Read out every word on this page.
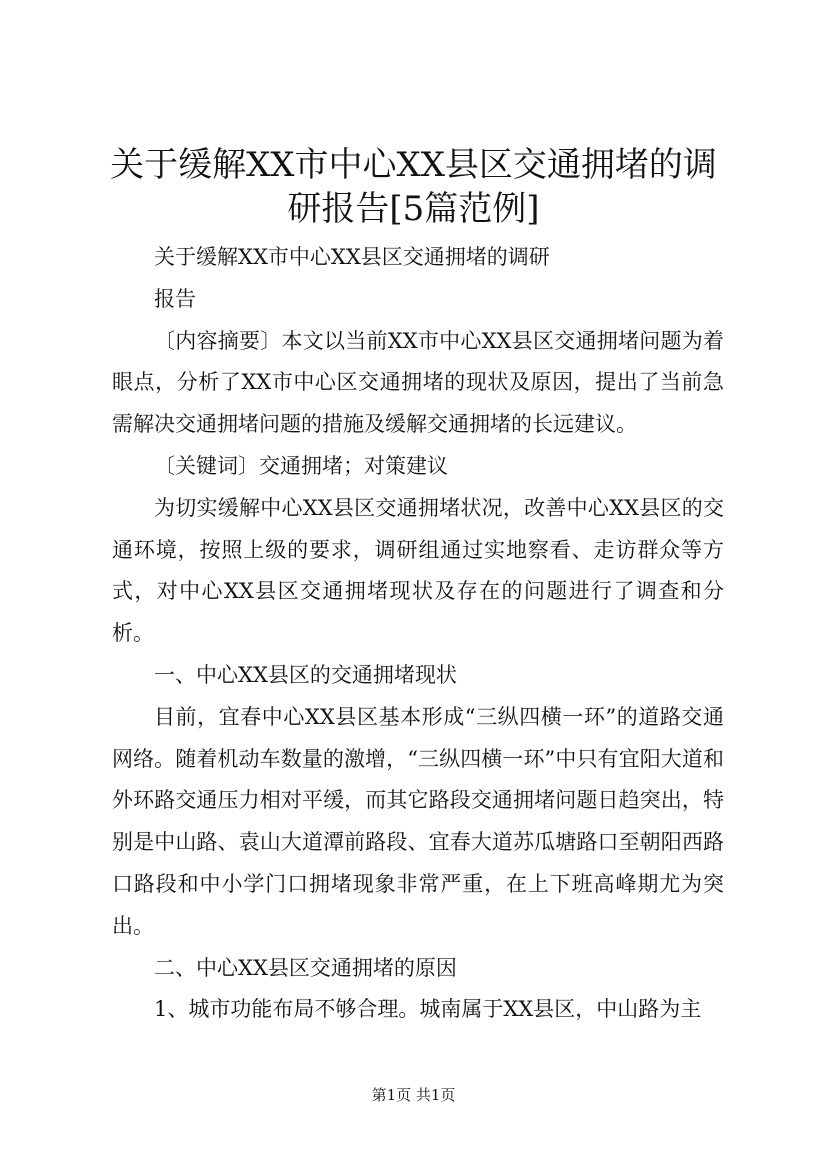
关于缓解XX市中心XX县区交通拥堵的调研报告[5篇范例]

关于缓解XX市中心XX县区交通拥堵的调研

报告

〔内容摘要〕本文以当前XX市中心XX县区交通拥堵问题为着眼点，分析了XX市中心区交通拥堵的现状及原因，提出了当前急需解决交通拥堵问题的措施及缓解交通拥堵的长远建议。

〔关键词〕交通拥堵；对策建议

为切实缓解中心XX县区交通拥堵状况，改善中心XX县区的交通环境，按照上级的要求，调研组通过实地察看、走访群众等方式，对中心XX县区交通拥堵现状及存在的问题进行了调查和分析。

一、中心XX县区的交通拥堵现状

目前，宜春中心XX县区基本形成“三纵四横一环”的道路交通网络。随着机动车数量的激增，“三纵四横一环”中只有宜阳大道和外环路交通压力相对平缓，而其它路段交通拥堵问题日趋突出，特别是中山路、袁山大道潭前路段、宜春大道苏瓜塘路口至朝阳西路口路段和中小学门口拥堵现象非常严重，在上下班高峰期尤为突出。

二、中心XX县区交通拥堵的原因

1、城市功能布局不够合理。城南属于XX县区，中山路为主

第1页 共1页
